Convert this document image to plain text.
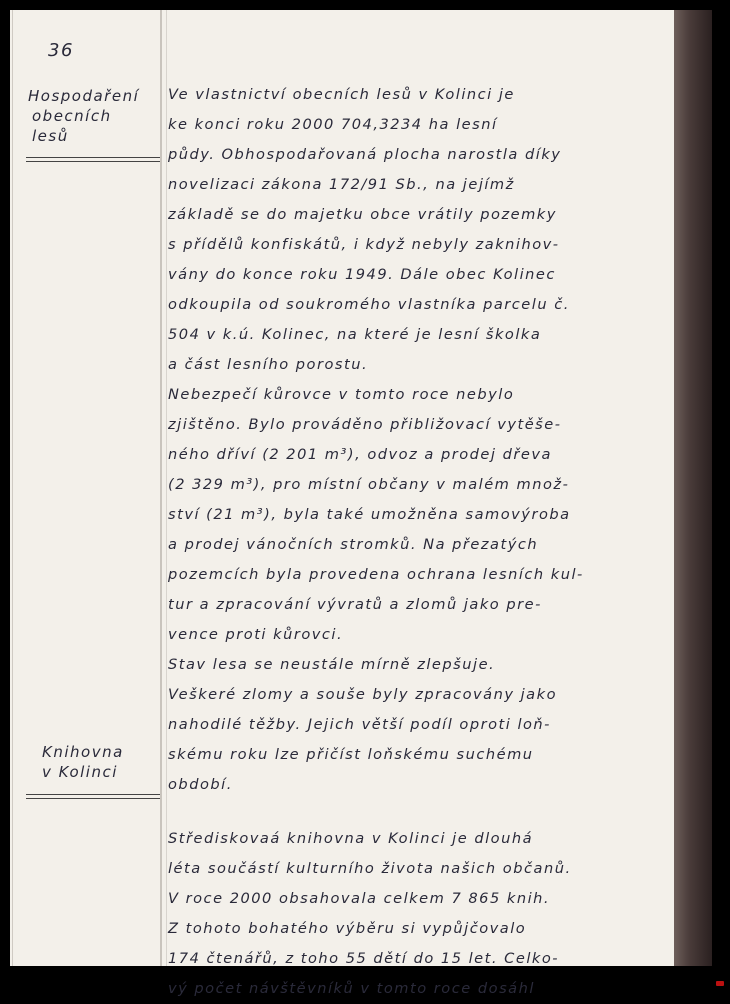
36
Hospodaření
obecních
lesů
Knihovna
v Kolinci
Ve vlastnictví obecních lesů v Kolinci je
ke konci roku 2000 704,3234 ha lesní
půdy. Obhospodařovaná plocha narostla díky
novelizaci zákona 172/91 Sb., na jejímž
základě se do majetku obce vrátily pozemky
s přídělů konfiskátů, i když nebyly zaknihov-
vány do konce roku 1949. Dále obec Kolinec
odkoupila od soukromého vlastníka parcelu č.
504 v k.ú. Kolinec, na které je lesní školka
a část lesního porostu.
Nebezpečí kůrovce v tomto roce nebylo
zjištěno. Bylo prováděno přibližovací vytěše-
ného dříví (2 201 m³), odvoz a prodej dřeva
(2 329 m³), pro místní občany v malém množ-
ství (21 m³), byla také umožněna samovýroba
a prodej vánočních stromků. Na přezatých
pozemcích byla provedena ochrana lesních kul-
tur a zpracování vývratů a zlomů jako pre-
vence proti kůrovci.
Stav lesa se neustále mírně zlepšuje.
Veškeré zlomy a souše byly zpracovány jako
nahodilé těžby. Jejich větší podíl oproti loň-
skému roku lze přičíst loňskému suchému
období.
Střediskovaá knihovna v Kolinci je dlouhá
léta součástí kulturního života našich občanů.
V roce 2000 obsahovala celkem 7 865 knih.
Z tohoto bohatého výběru si vypůjčovalo
174 čtenářů, z toho 55 dětí do 15 let. Celko-
vý počet návštěvníků v tomto roce dosáhl
